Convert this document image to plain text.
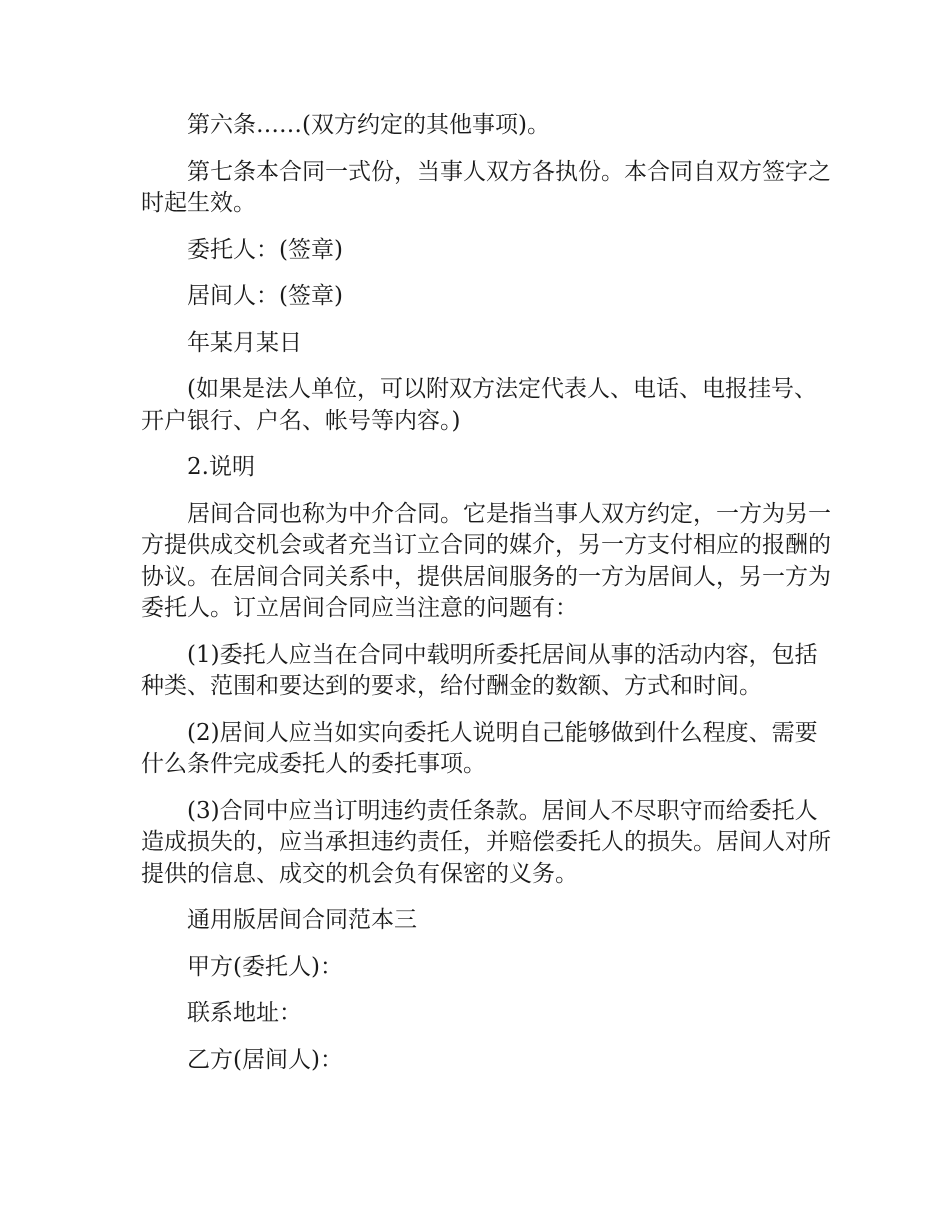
第六条……(双方约定的其他事项)。

第七条本合同一式份，当事人双方各执份。本合同自双方签字之时起生效。

委托人：(签章)

居间人：(签章)

年某月某日

(如果是法人单位，可以附双方法定代表人、电话、电报挂号、开户银行、户名、帐号等内容。)

2.说明

居间合同也称为中介合同。它是指当事人双方约定，一方为另一方提供成交机会或者充当订立合同的媒介，另一方支付相应的报酬的协议。在居间合同关系中，提供居间服务的一方为居间人，另一方为委托人。订立居间合同应当注意的问题有：

(1)委托人应当在合同中载明所委托居间从事的活动内容，包括种类、范围和要达到的要求，给付酬金的数额、方式和时间。

(2)居间人应当如实向委托人说明自己能够做到什么程度、需要什么条件完成委托人的委托事项。

(3)合同中应当订明违约责任条款。居间人不尽职守而给委托人造成损失的，应当承担违约责任，并赔偿委托人的损失。居间人对所提供的信息、成交的机会负有保密的义务。

通用版居间合同范本三

甲方(委托人)：

联系地址：

乙方(居间人)：
